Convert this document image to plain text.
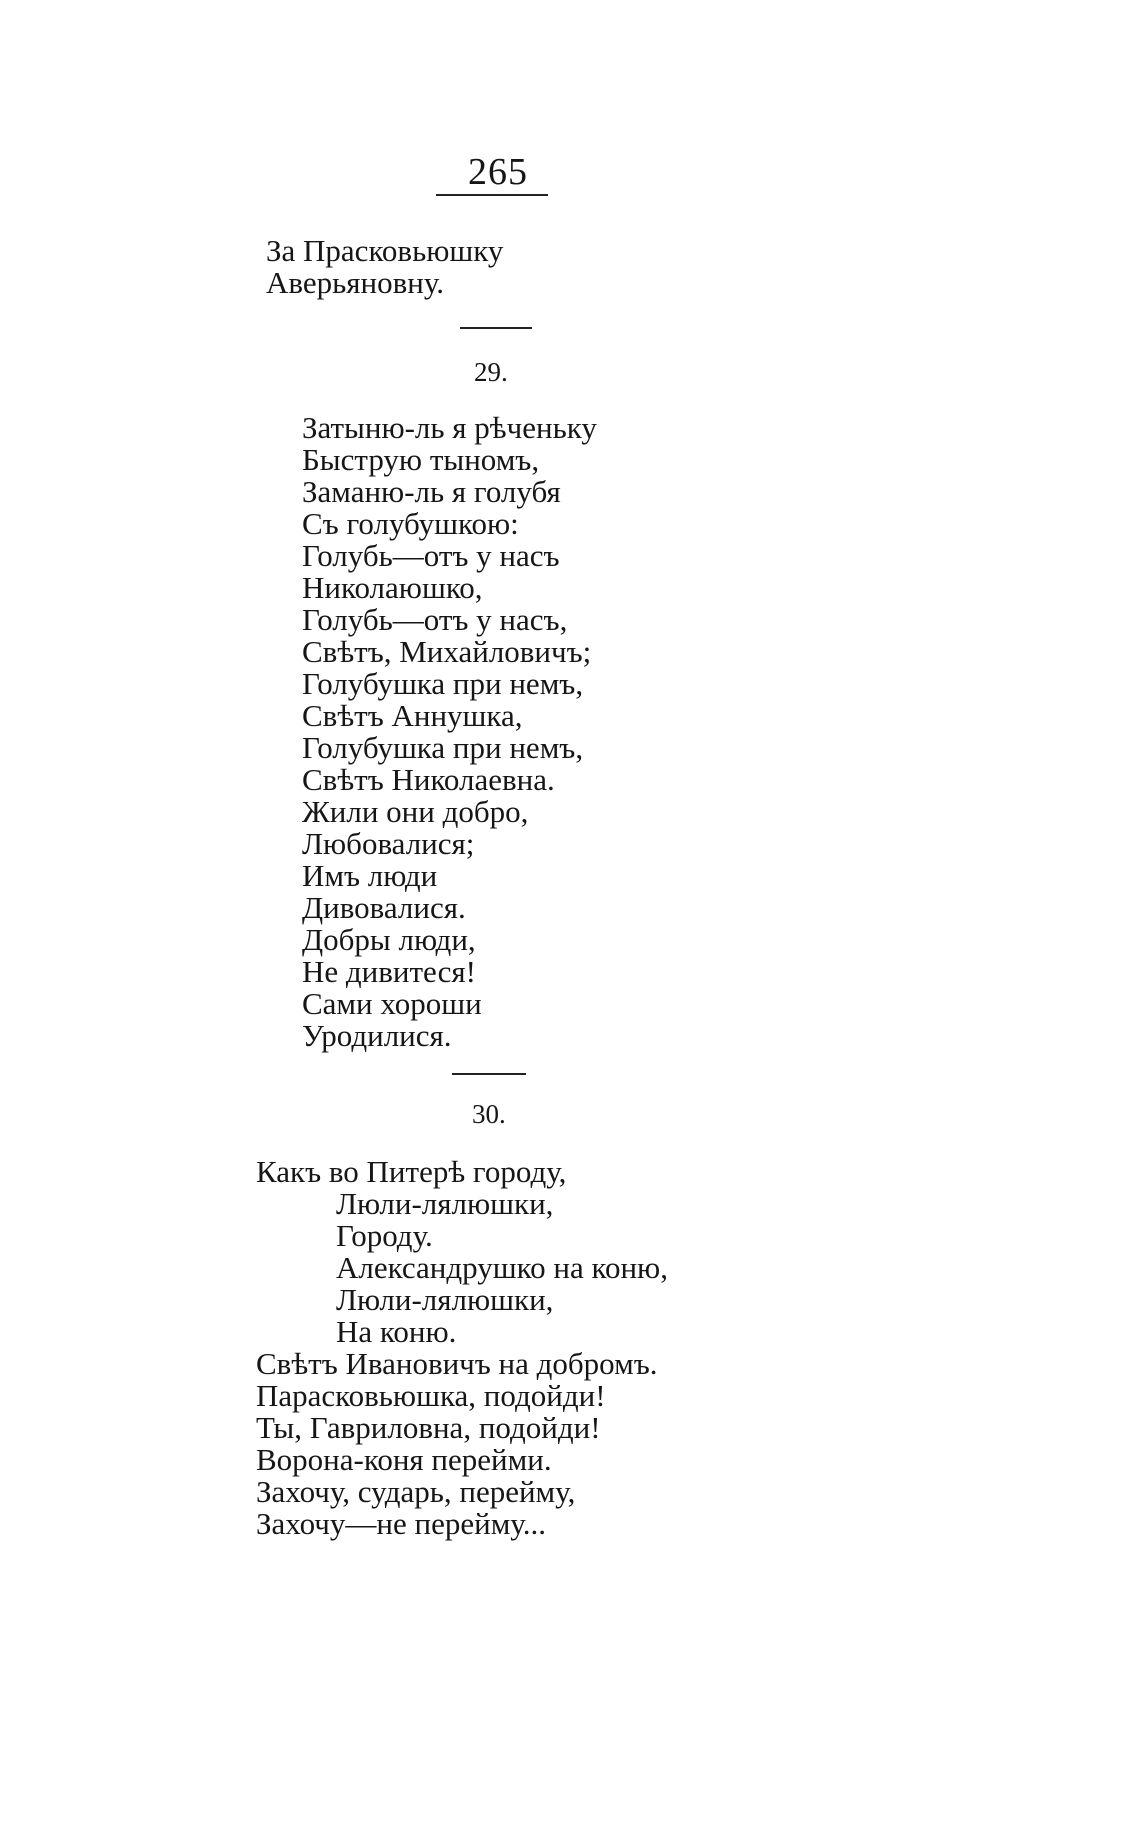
265
За Прасковьюшку
Аверьяновну.
29.
Затыню-ль я рѣченьку
Быструю тыномъ,
Заманю-ль я голубя
Съ голубушкою:
Голубь—отъ у насъ
Николаюшко,
Голубь—отъ у насъ,
Свѣтъ, Михайловичъ;
Голубушка при немъ,
Свѣтъ Аннушка,
Голубушка при немъ,
Свѣтъ Николаевна.
Жили они добро,
Любовалися;
Имъ люди
Дивовалися.
Добры люди,
Не дивитеся!
Сами хороши
Уродилися.
30.
Какъ во Питерѣ городу,
Люли-лялюшки,
Городу.
Александрушко на коню,
Люли-лялюшки,
На коню.
Свѣтъ Ивановичъ на добромъ.
Парасковьюшка, подойди!
Ты, Гавриловна, подойди!
Ворона-коня перейми.
Захочу, сударь, перейму,
Захочу—не перейму...
